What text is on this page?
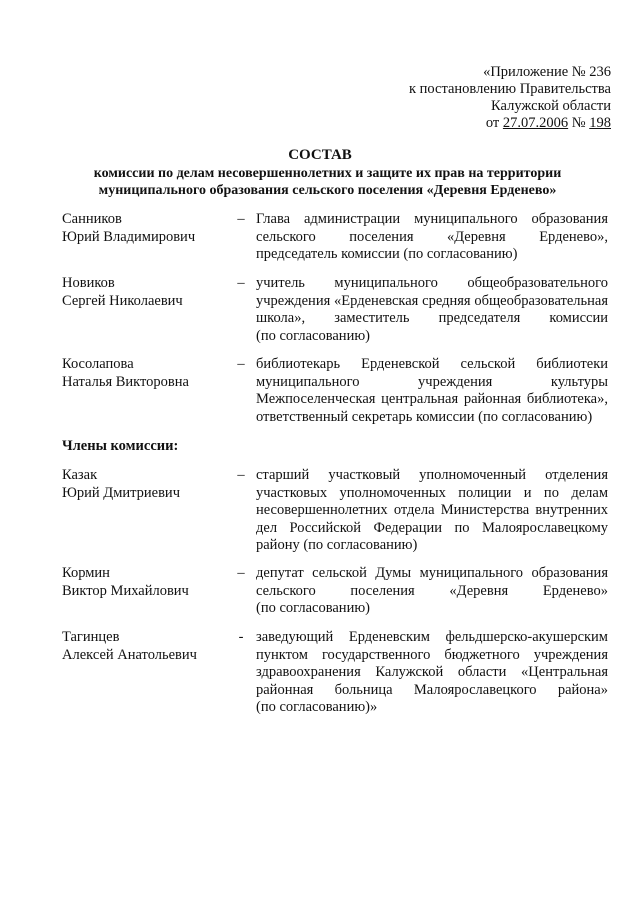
«Приложение № 236
к постановлению Правительства
Калужской области
от 27.07.2006 № 198
СОСТАВ
комиссии по делам несовершеннолетних и защите их прав на территории
муниципального образования сельского поселения «Деревня Ерденево»
Санников
Юрий Владимирович
– Глава администрации муниципального образования
сельского поселения «Деревня Ерденево»,
председатель комиссии (по согласованию)
Новиков
Сергей Николаевич
– учитель муниципального общеобразовательного
учреждения «Ерденевская средняя общеобразовательная
школа», заместитель председателя комиссии
(по согласованию)
Косолапова
Наталья Викторовна
– библиотекарь Ерденевской сельской библиотеки
муниципального учреждения культуры
Межпоселенческая центральная районная библиотека»,
ответственный секретарь комиссии (по согласованию)
Члены комиссии:
Казак
Юрий Дмитриевич
– старший участковый уполномоченный отделения
участковых уполномоченных полиции и по делам
несовершеннолетних отдела Министерства внутренних
дел Российской Федерации по Малоярославецкому
району (по согласованию)
Кормин
Виктор Михайлович
– депутат сельской Думы муниципального образования
сельского поселения «Деревня Ерденево»
(по согласованию)
Тагинцев
Алексей Анатольевич
- заведующий Ерденевским фельдшерско-акушерским
пунктом государственного бюджетного учреждения
здравоохранения Калужской области «Центральная
районная больница Малоярославецкого района»
(по согласованию)»
